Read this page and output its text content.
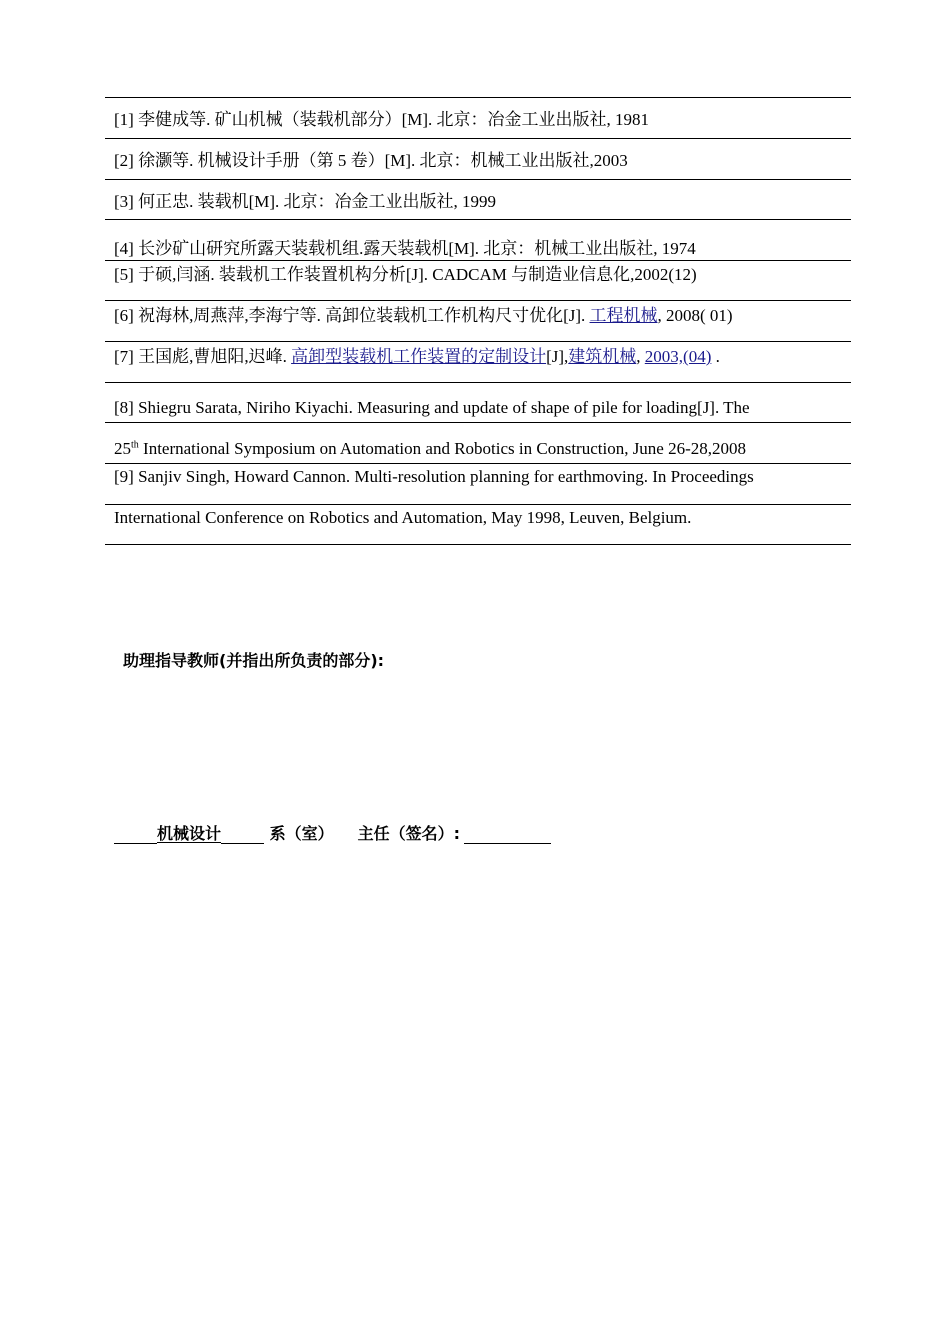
[1] 李健成等. 矿山机械（装载机部分）[M]. 北京：冶金工业出版社, 1981
[2] 徐灏等. 机械设计手册（第 5 卷）[M]. 北京：机械工业出版社,2003
[3] 何正忠. 装载机[M]. 北京：冶金工业出版社, 1999
[4] 长沙矿山研究所露天装载机组.露天装载机[M]. 北京：机械工业出版社, 1974
[5] 于硕,闫涵. 装载机工作装置机构分析[J]. CADCAM 与制造业信息化,2002(12)
[6] 祝海林,周燕萍,李海宁等. 高卸位装载机工作机构尺寸优化[J]. 工程机械, 2008( 01)
[7] 王国彪,曹旭阳,迟峰. 高卸型装载机工作装置的定制设计[J],建筑机械, 2003,(04) .
[8] Shiegru Sarata, Niriho Kiyachi. Measuring and update of shape of pile for loading[J]. The
25th International Symposium on Automation and Robotics in Construction, June 26-28,2008
[9] Sanjiv Singh, Howard Cannon. Multi-resolution planning for earthmoving. In Proceedings
International Conference on Robotics and Automation, May 1998, Leuven, Belgium.
助理指导教师(并指出所负责的部分):
机械设计	系（室） 主任（签名）:
